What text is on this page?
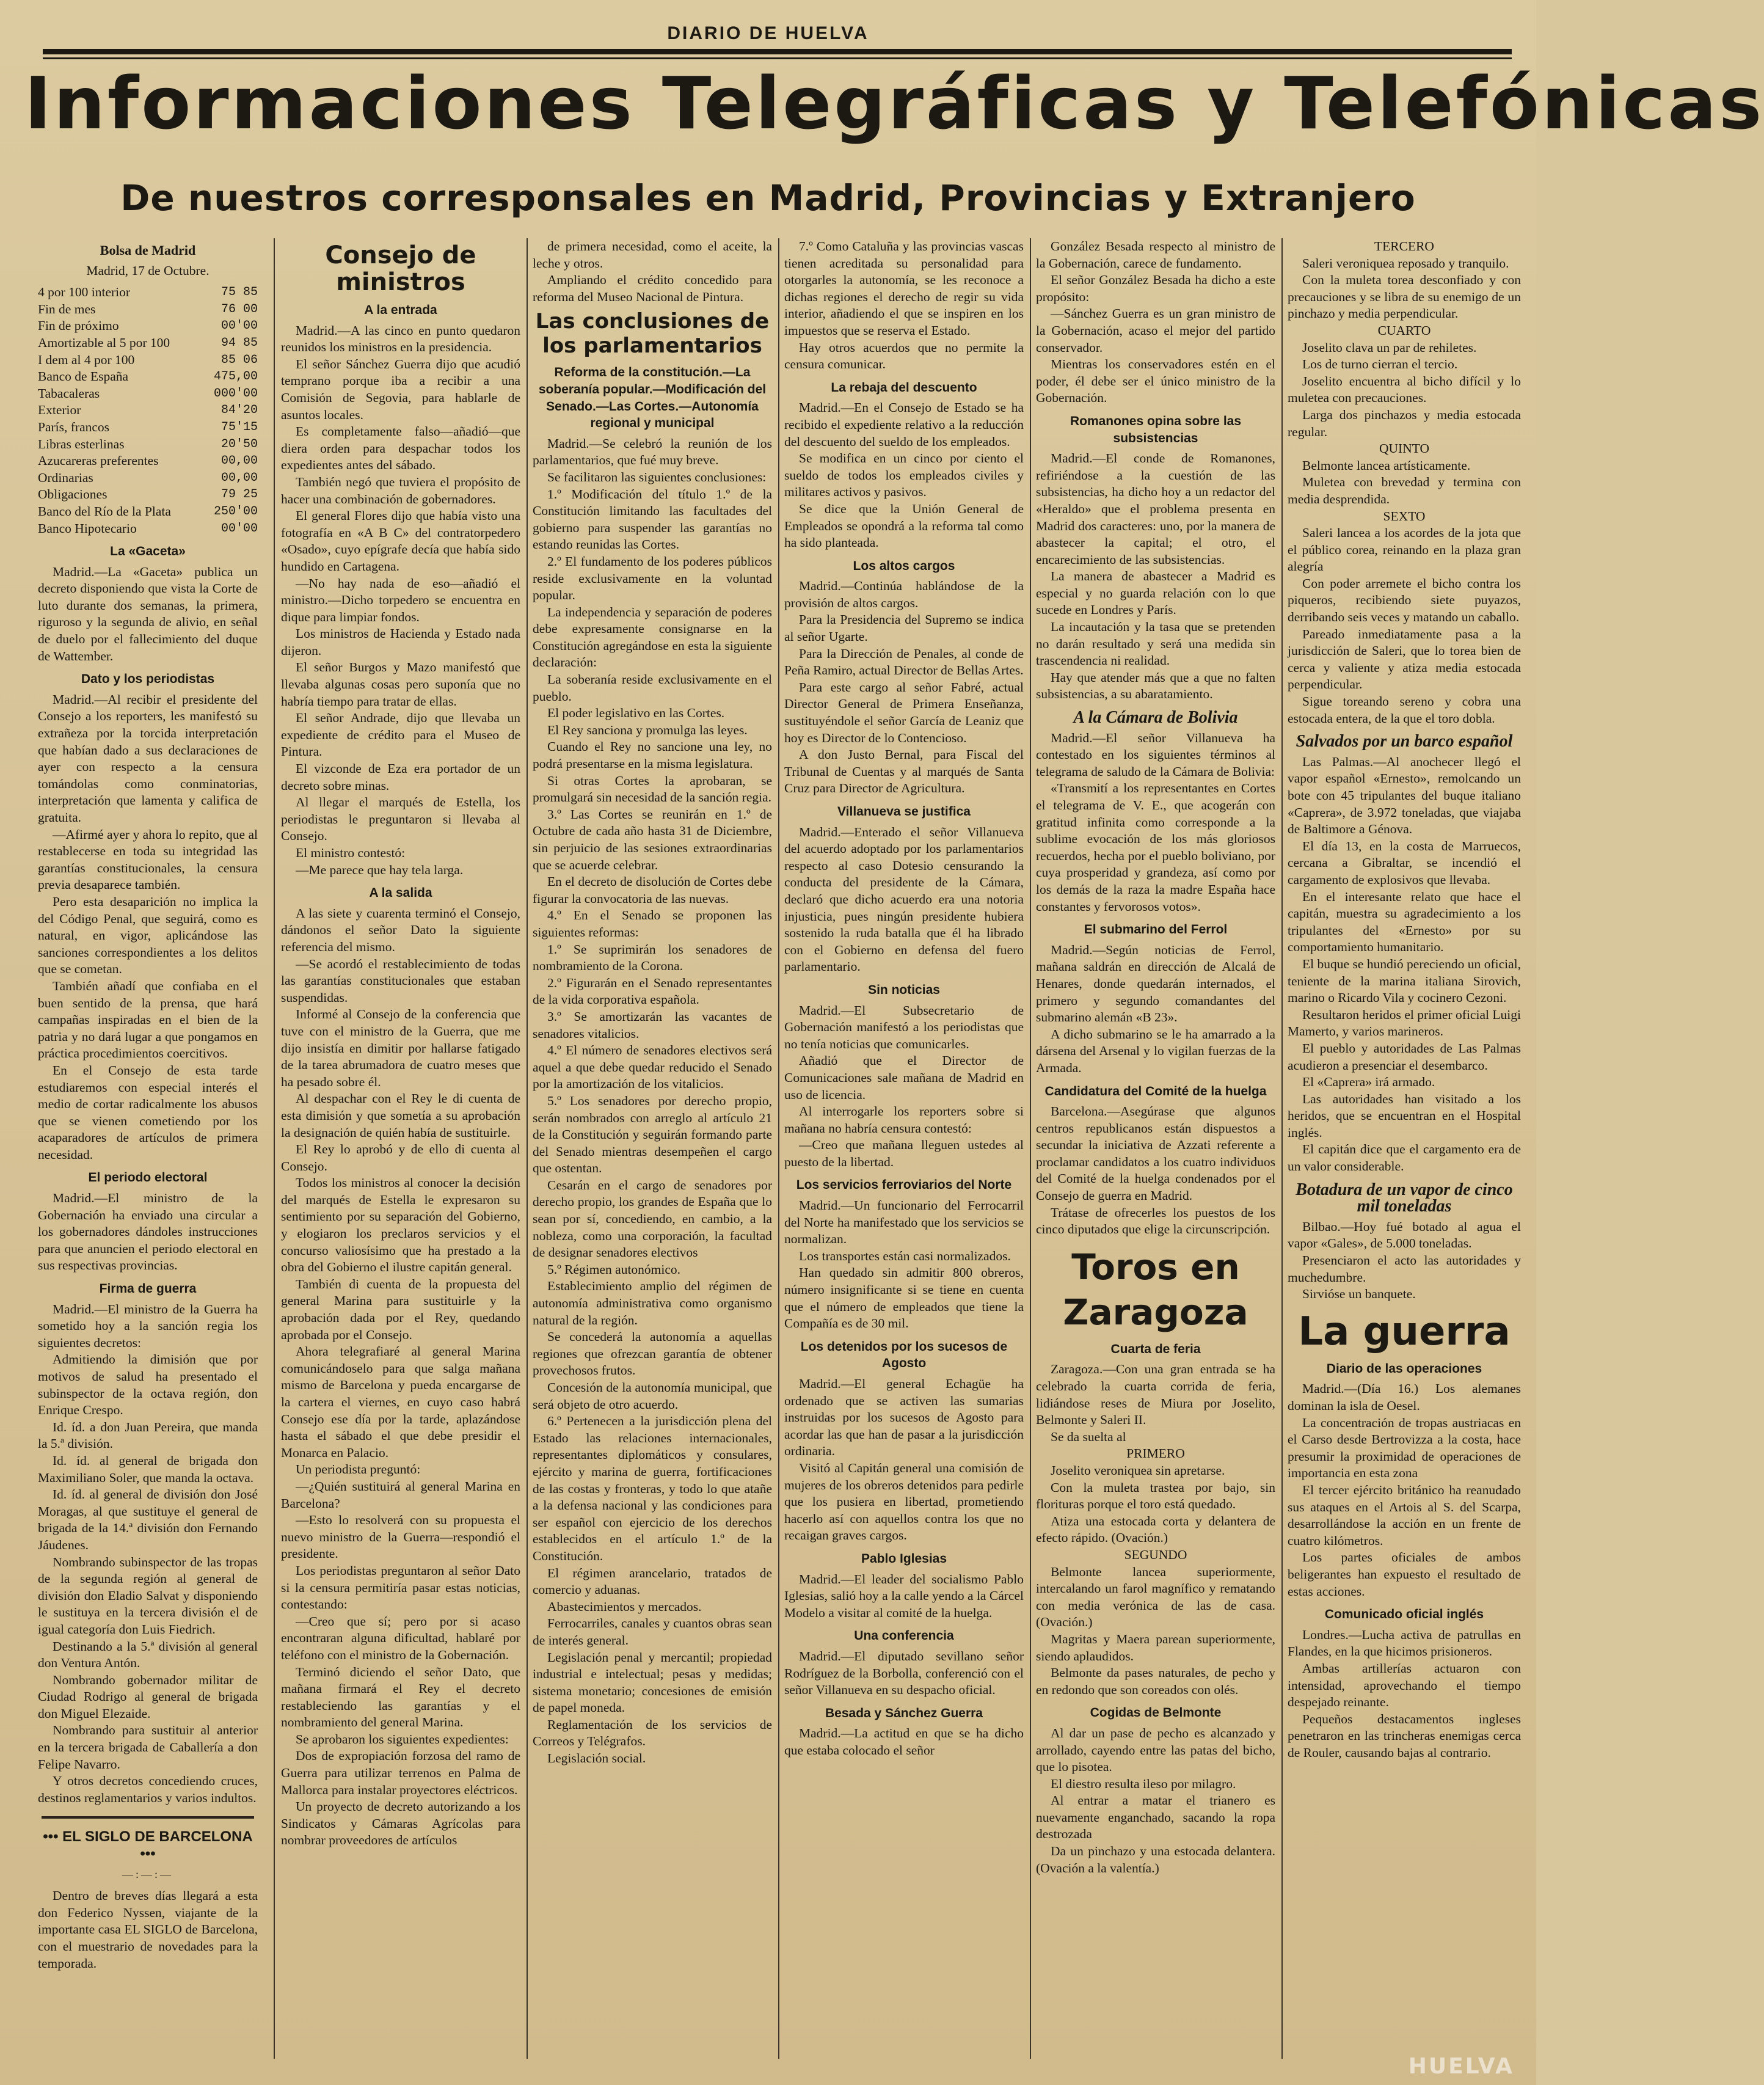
DIARIO DE HUELVA
Informaciones Telegráficas y Telefónicas
De nuestros corresponsales en Madrid, Provincias y Extranjero
Bolsa de Madrid
Madrid, 17 de Octubre.
4 por 100 interior	75 85
Fin de mes	76 00
Fin de próximo	00'00
Amortizable al 5 por 100	94 85
I dem al 4 por 100	85 06
Banco de España	475,00
Tabacaleras	000'00
Exterior	84'20
París, francos	75'15
Libras esterlinas	20'50
Azucareras preferentes	00,00
Ordinarias	00,00
Obligaciones	79 25
Banco del Río de la Plata	250'00
Banco Hipotecario	00'00
La «Gaceta»

Madrid.—La «Gaceta» publica un decreto disponiendo que vista la Corte de luto durante dos semanas, la primera, riguroso y la segunda de alivio, en señal de duelo por el fallecimiento del duque de Wattember.

Dato y los periodistas

Madrid.—Al recibir el presidente del Consejo a los reporters, les manifestó su extrañeza por la torcida interpretación que habían dado a sus declaraciones de ayer con respecto a la censura tomándolas como conminatorias, interpretación que lamenta y califica de gratuita.

—Afirmé ayer y ahora lo repito, que al restablecerse en toda su integridad las garantías constitucionales, la censura previa desaparece también.

Pero esta desaparición no implica la del Código Penal, que seguirá, como es natural, en vigor, aplicándose las sanciones correspondientes a los delitos que se cometan.

También añadí que confiaba en el buen sentido de la prensa, que hará campañas inspiradas en el bien de la patria y no dará lugar a que pongamos en práctica procedimientos coercitivos.

En el Consejo de esta tarde estudiaremos con especial interés el medio de cortar radicalmente los abusos que se vienen cometiendo por los acaparadores de artículos de primera necesidad.

El periodo electoral

Madrid.—El ministro de la Gobernación ha enviado una circular a los gobernadores dándoles instrucciones para que anuncien el periodo electoral en sus respectivas provincias.

Firma de guerra

Madrid.—El ministro de la Guerra ha sometido hoy a la sanción regia los siguientes decretos:

Admitiendo la dimisión que por motivos de salud ha presentado el subinspector de la octava región, don Enrique Crespo.

Id. íd. a don Juan Pereira, que manda la 5.ª división.

Id. íd. al general de brigada don Maximiliano Soler, que manda la octava.

Id. íd. al general de división don José Moragas, al que sustituye el general de brigada de la 14.ª división don Fernando Jáudenes.

Nombrando subinspector de las tropas de la segunda región al general de división don Eladio Salvat y disponiendo le sustituya en la tercera división el de igual categoría don Luis Fiedrich.

Destinando a la 5.ª división al general don Ventura Antón.

Nombrando gobernador militar de Ciudad Rodrigo al general de brigada don Miguel Elezaide.

Nombrando para sustituir al anterior en la tercera brigada de Caballería a don Felipe Navarro.

Y otros decretos concediendo cruces, destinos reglamentarios y varios indultos.

••• EL SIGLO DE BARCELONA •••
—:—:—

Dentro de breves días llegará a esta don Federico Nyssen, viajante de la importante casa EL SIGLO de Barcelona, con el muestrario de novedades para la temporada.

Consejo de ministros
A la entrada

Madrid.—A las cinco en punto quedaron reunidos los ministros en la presidencia.

El señor Sánchez Guerra dijo que acudió temprano porque iba a recibir a una Comisión de Segovia, para hablarle de asuntos locales.

Es completamente falso—añadió—que diera orden para despachar todos los expedientes antes del sábado.

También negó que tuviera el propósito de hacer una combinación de gobernadores.

El general Flores dijo que había visto una fotografía en «A B C» del contratorpedero «Osado», cuyo epígrafe decía que había sido hundido en Cartagena.

—No hay nada de eso—añadió el ministro.—Dicho torpedero se encuentra en dique para limpiar fondos.

Los ministros de Hacienda y Estado nada dijeron.

El señor Burgos y Mazo manifestó que llevaba algunas cosas pero suponía que no habría tiempo para tratar de ellas.

El señor Andrade, dijo que llevaba un expediente de crédito para el Museo de Pintura.

El vizconde de Eza era portador de un decreto sobre minas.

Al llegar el marqués de Estella, los periodistas le preguntaron si llevaba al Consejo.

El ministro contestó:

—Me parece que hay tela larga.

A la salida

A las siete y cuarenta terminó el Consejo, dándonos el señor Dato la siguiente referencia del mismo.

—Se acordó el restablecimiento de todas las garantías constitucionales que estaban suspendidas.

Informé al Consejo de la conferencia que tuve con el ministro de la Guerra, que me dijo insistía en dimitir por hallarse fatigado de la tarea abrumadora de cuatro meses que ha pesado sobre él.

Al despachar con el Rey le di cuenta de esta dimisión y que sometía a su aprobación la designación de quién había de sustituirle.

El Rey lo aprobó y de ello di cuenta al Consejo.

Todos los ministros al conocer la decisión del marqués de Estella le expresaron su sentimiento por su separación del Gobierno, y elogiaron los preclaros servicios y el concurso valiosísimo que ha prestado a la obra del Gobierno el ilustre capitán general.

También di cuenta de la propuesta del general Marina para sustituirle y la aprobación dada por el Rey, quedando aprobada por el Consejo.

Ahora telegrafiaré al general Marina comunicándoselo para que salga mañana mismo de Barcelona y pueda encargarse de la cartera el viernes, en cuyo caso habrá Consejo ese día por la tarde, aplazándose hasta el sábado el que debe presidir el Monarca en Palacio.

Un periodista preguntó:

—¿Quién sustituirá al general Marina en Barcelona?

—Esto lo resolverá con su propuesta el nuevo ministro de la Guerra—respondió el presidente.

Los periodistas preguntaron al señor Dato si la censura permitiría pasar estas noticias, contestando:

—Creo que sí; pero por si acaso encontraran alguna dificultad, hablaré por teléfono con el ministro de la Gobernación.

Terminó diciendo el señor Dato, que mañana firmará el Rey el decreto restableciendo las garantías y el nombramiento del general Marina.

Se aprobaron los siguientes expedientes:

Dos de expropiación forzosa del ramo de Guerra para utilizar terrenos en Palma de Mallorca para instalar proyectores eléctricos.

Un proyecto de decreto autorizando a los Sindicatos y Cámaras Agrícolas para nombrar proveedores de artículos

de primera necesidad, como el aceite, la leche y otros.

Ampliando el crédito concedido para reforma del Museo Nacional de Pintura.

Las conclusiones de los parlamentarios
Reforma de la constitución.—La soberanía popular.—Modificación del Senado.—Las Cortes.—Autonomía regional y municipal

Madrid.—Se celebró la reunión de los parlamentarios, que fué muy breve.

Se facilitaron las siguientes conclusiones:

1.º Modificación del título 1.º de la Constitución limitando las facultades del gobierno para suspender las garantías no estando reunidas las Cortes.

2.º El fundamento de los poderes públicos reside exclusivamente en la voluntad popular.

La independencia y separación de poderes debe expresamente consignarse en la Constitución agregándose en esta la siguiente declaración:

La soberanía reside exclusivamente en el pueblo.

El poder legislativo en las Cortes.

El Rey sanciona y promulga las leyes.

Cuando el Rey no sancione una ley, no podrá presentarse en la misma legislatura.

Si otras Cortes la aprobaran, se promulgará sin necesidad de la sanción regia.

3.º Las Cortes se reunirán en 1.º de Octubre de cada año hasta 31 de Diciembre, sin perjuicio de las sesiones extraordinarias que se acuerde celebrar.

En el decreto de disolución de Cortes debe figurar la convocatoria de las nuevas.

4.º En el Senado se proponen las siguientes reformas:

1.º Se suprimirán los senadores de nombramiento de la Corona.

2.º Figurarán en el Senado representantes de la vida corporativa española.

3.º Se amortizarán las vacantes de senadores vitalicios.

4.º El número de senadores electivos será aquel a que debe quedar reducido el Senado por la amortización de los vitalicios.

5.º Los senadores por derecho propio, serán nombrados con arreglo al artículo 21 de la Constitución y seguirán formando parte del Senado mientras desempeñen el cargo que ostentan.

Cesarán en el cargo de senadores por derecho propio, los grandes de España que lo sean por sí, concediendo, en cambio, a la nobleza, como una corporación, la facultad de designar senadores electivos

5.º Régimen autonómico.

Establecimiento amplio del régimen de autonomía administrativa como organismo natural de la región.

Se concederá la autonomía a aquellas regiones que ofrezcan garantía de obtener provechosos frutos.

Concesión de la autonomía municipal, que será objeto de otro acuerdo.

6.º Pertenecen a la jurisdicción plena del Estado las relaciones internacionales, representantes diplomáticos y consulares, ejército y marina de guerra, fortificaciones de las costas y fronteras, y todo lo que atañe a la defensa nacional y las condiciones para ser español con ejercicio de los derechos establecidos en el artículo 1.º de la Constitución.

El régimen arancelario, tratados de comercio y aduanas.

Abastecimientos y mercados.

Ferrocarriles, canales y cuantos obras sean de interés general.

Legislación penal y mercantil; propiedad industrial e intelectual; pesas y medidas; sistema monetario; concesiones de emisión de papel moneda.

Reglamentación de los servicios de Correos y Telégrafos.

Legislación social.

7.º Como Cataluña y las provincias vascas tienen acreditada su personalidad para otorgarles la autonomía, se les reconoce a dichas regiones el derecho de regir su vida interior, añadiendo el que se inspiren en los impuestos que se reserva el Estado.

Hay otros acuerdos que no permite la censura comunicar.

La rebaja del descuento

Madrid.—En el Consejo de Estado se ha recibido el expediente relativo a la reducción del descuento del sueldo de los empleados.

Se modifica en un cinco por ciento el sueldo de todos los empleados civiles y militares activos y pasivos.

Se dice que la Unión General de Empleados se opondrá a la reforma tal como ha sido planteada.

Los altos cargos

Madrid.—Continúa hablándose de la provisión de altos cargos.

Para la Presidencia del Supremo se indica al señor Ugarte.

Para la Dirección de Penales, al conde de Peña Ramiro, actual Director de Bellas Artes.

Para este cargo al señor Fabré, actual Director General de Primera Enseñanza, sustituyéndole el señor García de Leaniz que hoy es Director de lo Contencioso.

A don Justo Bernal, para Fiscal del Tribunal de Cuentas y al marqués de Santa Cruz para Director de Agricultura.

Villanueva se justifica

Madrid.—Enterado el señor Villanueva del acuerdo adoptado por los parlamentarios respecto al caso Dotesio censurando la conducta del presidente de la Cámara, declaró que dicho acuerdo era una notoria injusticia, pues ningún presidente hubiera sostenido la ruda batalla que él ha librado con el Gobierno en defensa del fuero parlamentario.

Sin noticias

Madrid.—El Subsecretario de Gobernación manifestó a los periodistas que no tenía noticias que comunicarles.

Añadió que el Director de Comunicaciones sale mañana de Madrid en uso de licencia.

Al interrogarle los reporters sobre si mañana no habría censura contestó:

—Creo que mañana lleguen ustedes al puesto de la libertad.

Los servicios ferroviarios del Norte

Madrid.—Un funcionario del Ferrocarril del Norte ha manifestado que los servicios se normalizan.

Los transportes están casi normalizados.

Han quedado sin admitir 800 obreros, número insignificante si se tiene en cuenta que el número de empleados que tiene la Compañía es de 30 mil.

Los detenidos por los sucesos de Agosto

Madrid.—El general Echagüe ha ordenado que se activen las sumarias instruidas por los sucesos de Agosto para acordar las que han de pasar a la jurisdicción ordinaria.

Visitó al Capitán general una comisión de mujeres de los obreros detenidos para pedirle que los pusiera en libertad, prometiendo hacerlo así con aquellos contra los que no recaigan graves cargos.

Pablo Iglesias

Madrid.—El leader del socialismo Pablo Iglesias, salió hoy a la calle yendo a la Cárcel Modelo a visitar al comité de la huelga.

Una conferencia

Madrid.—El diputado sevillano señor Rodríguez de la Borbolla, conferenció con el señor Villanueva en su despacho oficial.

Besada y Sánchez Guerra

Madrid.—La actitud en que se ha dicho que estaba colocado el señor

González Besada respecto al ministro de la Gobernación, carece de fundamento.

El señor González Besada ha dicho a este propósito:

—Sánchez Guerra es un gran ministro de la Gobernación, acaso el mejor del partido conservador.

Mientras los conservadores estén en el poder, él debe ser el único ministro de la Gobernación.

Romanones opina sobre las subsistencias

Madrid.—El conde de Romanones, refiriéndose a la cuestión de las subsistencias, ha dicho hoy a un redactor del «Heraldo» que el problema presenta en Madrid dos caracteres: uno, por la manera de abastecer la capital; el otro, el encarecimiento de las subsistencias.

La manera de abastecer a Madrid es especial y no guarda relación con lo que sucede en Londres y París.

La incautación y la tasa que se pretenden no darán resultado y será una medida sin trascendencia ni realidad.

Hay que atender más que a que no falten subsistencias, a su abaratamiento.

A la Cámara de Bolivia

Madrid.—El señor Villanueva ha contestado en los siguientes términos al telegrama de saludo de la Cámara de Bolivia:

«Transmití a los representantes en Cortes el telegrama de V. E., que acogerán con gratitud infinita como corresponde a la sublime evocación de los más gloriosos recuerdos, hecha por el pueblo boliviano, por cuya prosperidad y grandeza, así como por los demás de la raza la madre España hace constantes y fervorosos votos».

El submarino del Ferrol

Madrid.—Según noticias de Ferrol, mañana saldrán en dirección de Alcalá de Henares, donde quedarán internados, el primero y segundo comandantes del submarino alemán «B 23».

A dicho submarino se le ha amarrado a la dársena del Arsenal y lo vigilan fuerzas de la Armada.

Candidatura del Comité de la huelga

Barcelona.—Asegúrase que algunos centros republicanos están dispuestos a secundar la iniciativa de Azzati referente a proclamar candidatos a los cuatro individuos del Comité de la huelga condenados por el Consejo de guerra en Madrid.

Trátase de ofrecerles los puestos de los cinco diputados que elige la circunscripción.

Toros en Zaragoza
Cuarta de feria

Zaragoza.—Con una gran entrada se ha celebrado la cuarta corrida de feria, lidiándose reses de Miura por Joselito, Belmonte y Saleri II.

Se da suelta al

PRIMERO

Joselito veroniquea sin apretarse.

Con la muleta trastea por bajo, sin florituras porque el toro está quedado.

Atiza una estocada corta y delantera de efecto rápido. (Ovación.)

SEGUNDO

Belmonte lancea superiormente, intercalando un farol magnífico y rematando con media verónica de las de casa. (Ovación.)

Magritas y Maera parean superiormente, siendo aplaudidos.

Belmonte da pases naturales, de pecho y en redondo que son coreados con olés.

Cogidas de Belmonte

Al dar un pase de pecho es alcanzado y arrollado, cayendo entre las patas del bicho, que lo pisotea.

El diestro resulta ileso por milagro.

Al entrar a matar el trianero es nuevamente enganchado, sacando la ropa destrozada

Da un pinchazo y una estocada delantera. (Ovación a la valentía.)

TERCERO

Saleri veroniquea reposado y tranquilo.

Con la muleta torea desconfiado y con precauciones y se libra de su enemigo de un pinchazo y media perpendicular.

CUARTO

Joselito clava un par de rehiletes.

Los de turno cierran el tercio.

Joselito encuentra al bicho difícil y lo muletea con precauciones.

Larga dos pinchazos y media estocada regular.

QUINTO

Belmonte lancea artísticamente.

Muletea con brevedad y termina con media desprendida.

SEXTO

Saleri lancea a los acordes de la jota que el público corea, reinando en la plaza gran alegría

Con poder arremete el bicho contra los piqueros, recibiendo siete puyazos, derribando seis veces y matando un caballo.

Pareado inmediatamente pasa a la jurisdicción de Saleri, que lo torea bien de cerca y valiente y atiza media estocada perpendicular.

Sigue toreando sereno y cobra una estocada entera, de la que el toro dobla.

Salvados por un barco español

Las Palmas.—Al anochecer llegó el vapor español «Ernesto», remolcando un bote con 45 tripulantes del buque italiano «Caprera», de 3.972 toneladas, que viajaba de Baltimore a Génova.

El día 13, en la costa de Marruecos, cercana a Gibraltar, se incendió el cargamento de explosivos que llevaba.

En el interesante relato que hace el capitán, muestra su agradecimiento a los tripulantes del «Ernesto» por su comportamiento humanitario.

El buque se hundió pereciendo un oficial, teniente de la marina italiana Sirovich, marino o Ricardo Vila y cocinero Cezoni.

Resultaron heridos el primer oficial Luigi Mamerto, y varios marineros.

El pueblo y autoridades de Las Palmas acudieron a presenciar el desembarco.

El «Caprera» irá armado.

Las autoridades han visitado a los heridos, que se encuentran en el Hospital inglés.

El capitán dice que el cargamento era de un valor considerable.

Botadura de un vapor de cinco mil toneladas

Bilbao.—Hoy fué botado al agua el vapor «Gales», de 5.000 toneladas.

Presenciaron el acto las autoridades y muchedumbre.

Sirvióse un banquete.

La guerra
Diario de las operaciones

Madrid.—(Día 16.) Los alemanes dominan la isla de Oesel.

La concentración de tropas austriacas en el Carso desde Bertrovizza a la costa, hace presumir la proximidad de operaciones de importancia en esta zona

El tercer ejército británico ha reanudado sus ataques en el Artois al S. del Scarpa, desarrollándose la acción en un frente de cuatro kilómetros.

Los partes oficiales de ambos beligerantes han expuesto el resultado de estas acciones.

Comunicado oficial inglés

Londres.—Lucha activa de patrullas en Flandes, en la que hicimos prisioneros.

Ambas artillerías actuaron con intensidad, aprovechando el tiempo despejado reinante.

Pequeños destacamentos ingleses penetraron en las trincheras enemigas cerca de Rouler, causando bajas al contrario.

HUELVA
